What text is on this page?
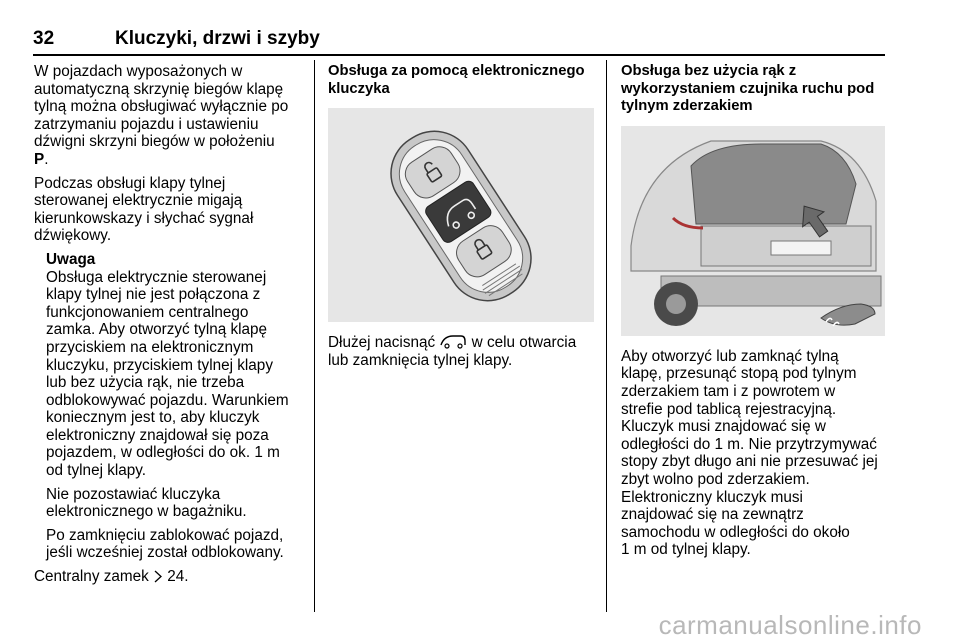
32	Kluczyki, drzwi i szyby

W pojazdach wyposażonych w
automatyczną skrzynię biegów klapę
tylną można obsługiwać wyłącznie po
zatrzymaniu pojazdu i ustawieniu
dźwigni skrzyni biegów w położeniu
P.

Podczas obsługi klapy tylnej
sterowanej elektrycznie migają
kierunkowskazy i słychać sygnał
dźwiękowy.

Uwaga

Obsługa elektrycznie sterowanej
klapy tylnej nie jest połączona z
funkcjonowaniem centralnego
zamka. Aby otworzyć tylną klapę
przyciskiem na elektronicznym
kluczyku, przyciskiem tylnej klapy
lub bez użycia rąk, nie trzeba
odblokowywać pojazdu. Warunkiem
koniecznym jest to, aby kluczyk
elektroniczny znajdował się poza
pojazdem, w odległości do ok. 1 m
od tylnej klapy.

Nie pozostawiać kluczyka
elektronicznego w bagażniku.

Po zamknięciu zablokować pojazd,
jeśli wcześniej został odblokowany.

Centralny zamek 24.

Obsługa za pomocą elektronicznego
kluczyka

Dłużej nacisnąć w celu otwarcia
lub zamknięcia tylnej klapy.

Obsługa bez użycia rąk z
wykorzystaniem czujnika ruchu pod
tylnym zderzakiem

Aby otworzyć lub zamknąć tylną
klapę, przesunąć stopą pod tylnym
zderzakiem tam i z powrotem w
strefie pod tablicą rejestracyjną.
Kluczyk musi znajdować się w
odległości do 1 m. Nie przytrzymywać
stopy zbyt długo ani nie przesuwać jej
zbyt wolno pod zderzakiem.
Elektroniczny kluczyk musi
znajdować się na zewnątrz
samochodu w odległości do około
1 m od tylnej klapy.

carmanualsonline.info
